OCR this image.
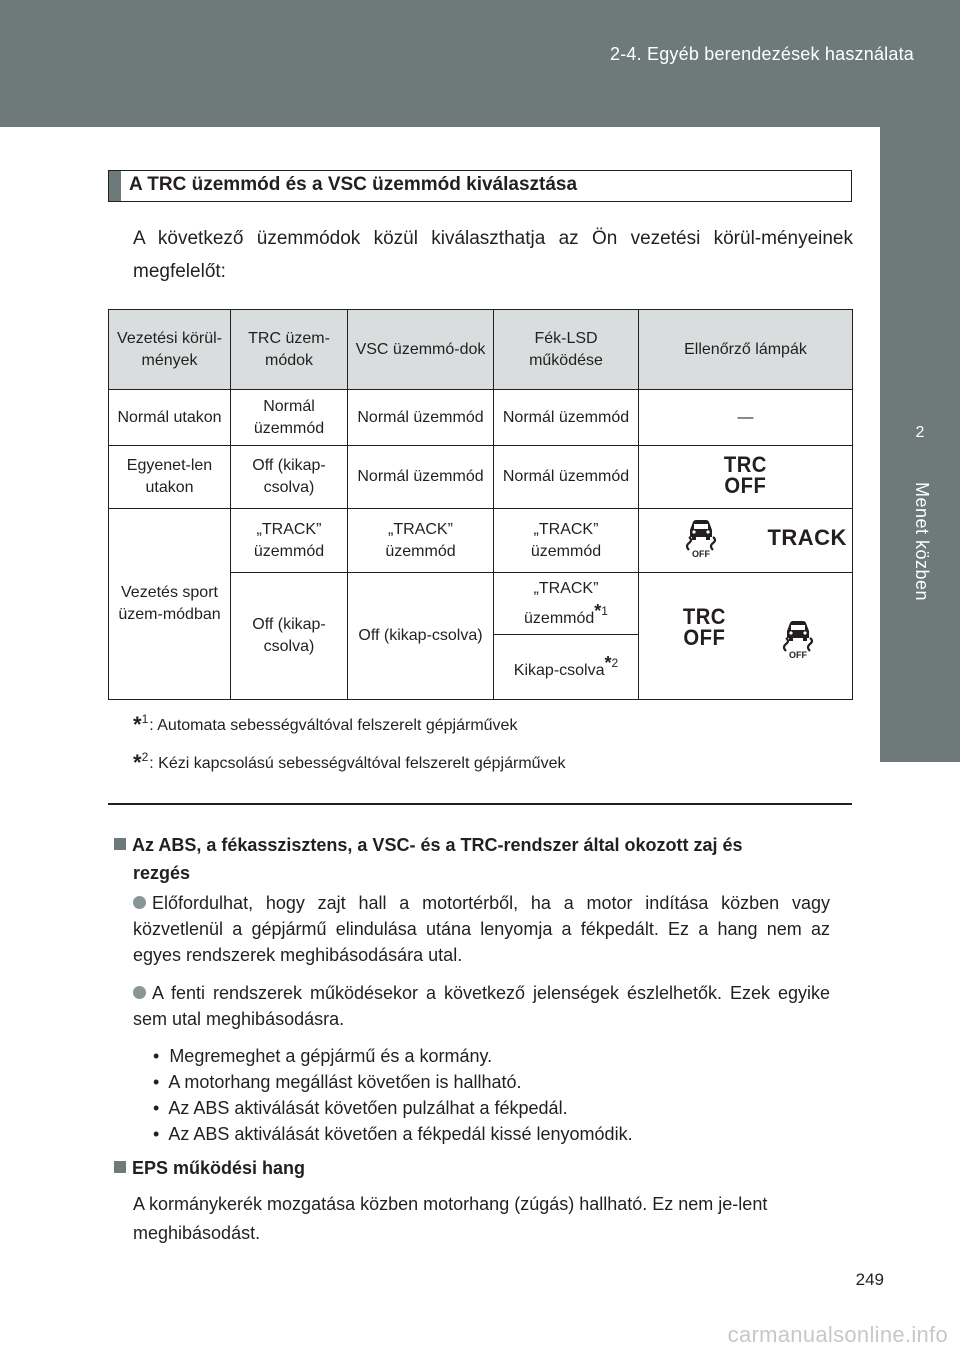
2-4. Egyéb berendezések használata
2
Menet közben
A TRC üzemmód és a VSC üzemmód kiválasztása

A következő üzemmódok közül kiválaszthatja az Ön vezetési körül-ményeinek megfelelőt:

Vezetési körül-mények	TRC üzem-módok	VSC üzemmó-dok	Fék-LSD működése	Ellenőrző lámpák
Normál utakon	Normál üzemmód	Normál üzemmód	Normál üzemmód	—
Egyenet-len utakon	Off (kikap-csolva)	Normál üzemmód	Normál üzemmód	TRC
OFF
Vezetés sport üzem-módban	„TRACK” üzemmód	„TRACK” üzemmód	„TRACK” üzemmód	OFF
TRACK
	Off (kikap-csolva)	Off (kikap-csolva)	„TRACK” üzemmód$^{*1}$	TRC
OFF
OFF

			Kikap-csolva$^{*2}$
*$^1$: Automata sebességváltóval felszerelt gépjárművek
*$^2$: Kézi kapcsolású sebességváltóval felszerelt gépjárművek
Az ABS, a fékasszisztens, a VSC- és a TRC-rendszer által okozott zaj és
rezgés
Előfordulhat, hogy zajt hall a motortérből, ha a motor indítása közben vagy közvetlenül a gépjármű elindulása utána lenyomja a fékpedált. Ez a hang nem az egyes rendszerek meghibásodására utal.
A fenti rendszerek működésekor a következő jelenségek észlelhetők. Ezek egyike sem utal meghibásodásra.
•  Megremeghet a gépjármű és a kormány.
•  A motorhang megállást követően is hallható.
•  Az ABS aktiválását követően pulzálhat a fékpedál.
•  Az ABS aktiválását követően a fékpedál kissé lenyomódik.
EPS működési hang

A kormánykerék mozgatása közben motorhang (zúgás) hallható. Ez nem je-lent meghibásodást.

249
carmanualsonline.info
